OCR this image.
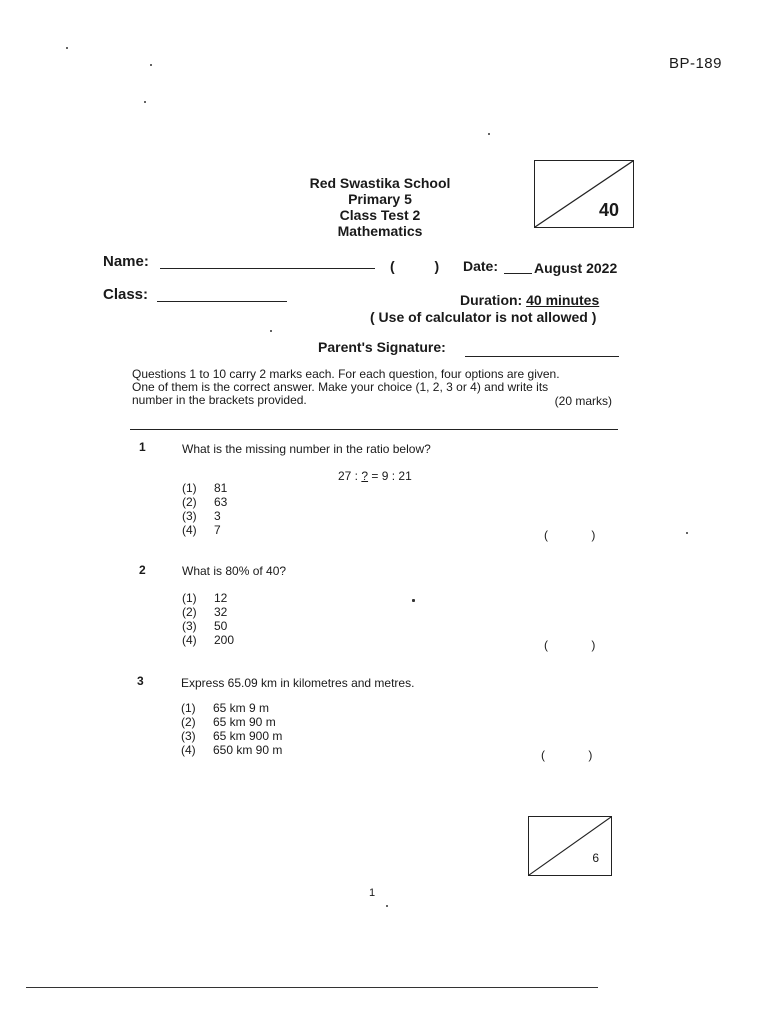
BP-189
Red Swastika School
Primary 5
Class Test 2
Mathematics
40
Name:	( ) Date:	August 2022
Class:	Duration: 40 minutes
( Use of calculator is not allowed )
Parent's Signature:
Questions 1 to 10 carry 2 marks each. For each question, four options are given.
One of them is the correct answer. Make your choice (1, 2, 3 or 4) and write its
number in the brackets provided.	(20 marks)
1	What is the missing number in the ratio below?
27 : ? = 9 : 21
(1)	81
(2)	63
(3)	3
(4)	7	( )
2	What is 80% of 40?
(1)	12
(2)	32
(3)	50
(4)	200	( )
3	Express 65.09 km in kilometres and metres.
(1)	65 km 9 m
(2)	65 km 90 m
(3)	65 km 900 m
(4)	650 km 90 m	( )
6
1
